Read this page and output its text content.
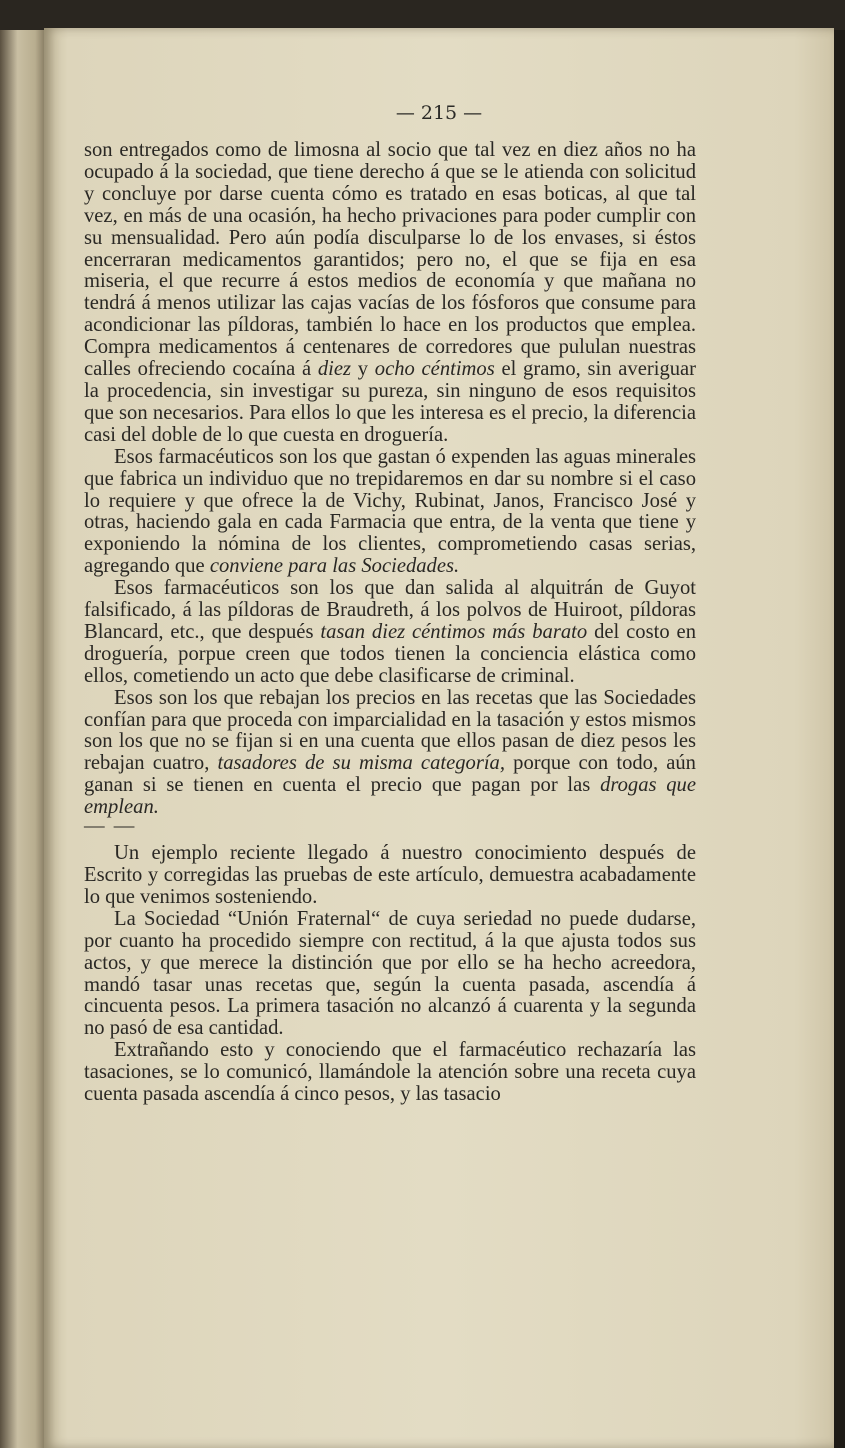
— 215 —

son entregados como de limosna al socio que tal vez en diez años no ha ocupado á la sociedad, que tiene derecho á que se le atienda con solicitud y concluye por darse cuenta cómo es tratado en esas boticas, al que tal vez, en más de una ocasión, ha hecho privaciones para poder cumplir con su mensualidad. Pero aún podía disculparse lo de los envases, si éstos encerraran medicamentos garantidos; pero no, el que se fija en esa miseria, el que recurre á estos medios de economía y que mañana no tendrá á menos utilizar las cajas vacías de los fósforos que consume para acondicionar las píldoras, también lo hace en los productos que emplea. Compra medicamentos á centenares de corredores que pululan nuestras calles ofreciendo cocaína á diez y ocho céntimos el gramo, sin averiguar la procedencia, sin investigar su pureza, sin ninguno de esos requisitos que son necesarios. Para ellos lo que les interesa es el precio, la diferencia casi del doble de lo que cuesta en droguería.

Esos farmacéuticos son los que gastan ó expenden las aguas minerales que fabrica un individuo que no trepidaremos en dar su nombre si el caso lo requiere y que ofrece la de Vichy, Rubinat, Janos, Francisco José y otras, haciendo gala en cada Farmacia que entra, de la venta que tiene y exponiendo la nómina de los clientes, comprometiendo casas serias, agregando que conviene para las Sociedades.

Esos farmacéuticos son los que dan salida al alquitrán de Guyot falsificado, á las píldoras de Braudreth, á los polvos de Huiroot, píldoras Blancard, etc., que después tasan diez céntimos más barato del costo en droguería, porpue creen que todos tienen la conciencia elástica como ellos, cometiendo un acto que debe clasificarse de criminal.

Esos son los que rebajan los precios en las recetas que las Sociedades confían para que proceda con imparcialidad en la tasación y estos mismos son los que no se fijan si en una cuenta que ellos pasan de diez pesos les rebajan cuatro, tasadores de su misma categoría, porque con todo, aún ganan si se tienen en cuenta el precio que pagan por las drogas que emplean.

— —

Un ejemplo reciente llegado á nuestro conocimiento después de Escrito y corregidas las pruebas de este artículo, demuestra acabadamente lo que venimos sosteniendo.

La Sociedad “Unión Fraternal“ de cuya seriedad no puede dudarse, por cuanto ha procedido siempre con rectitud, á la que ajusta todos sus actos, y que merece la distinción que por ello se ha hecho acreedora, mandó tasar unas recetas que, según la cuenta pasada, ascendía á cincuenta pesos. La primera tasación no alcanzó á cuarenta y la segunda no pasó de esa cantidad.

Extrañando esto y conociendo que el farmacéutico rechazaría las tasaciones, se lo comunicó, llamándole la atención sobre una receta cuya cuenta pasada ascendía á cinco pesos, y las tasacio
